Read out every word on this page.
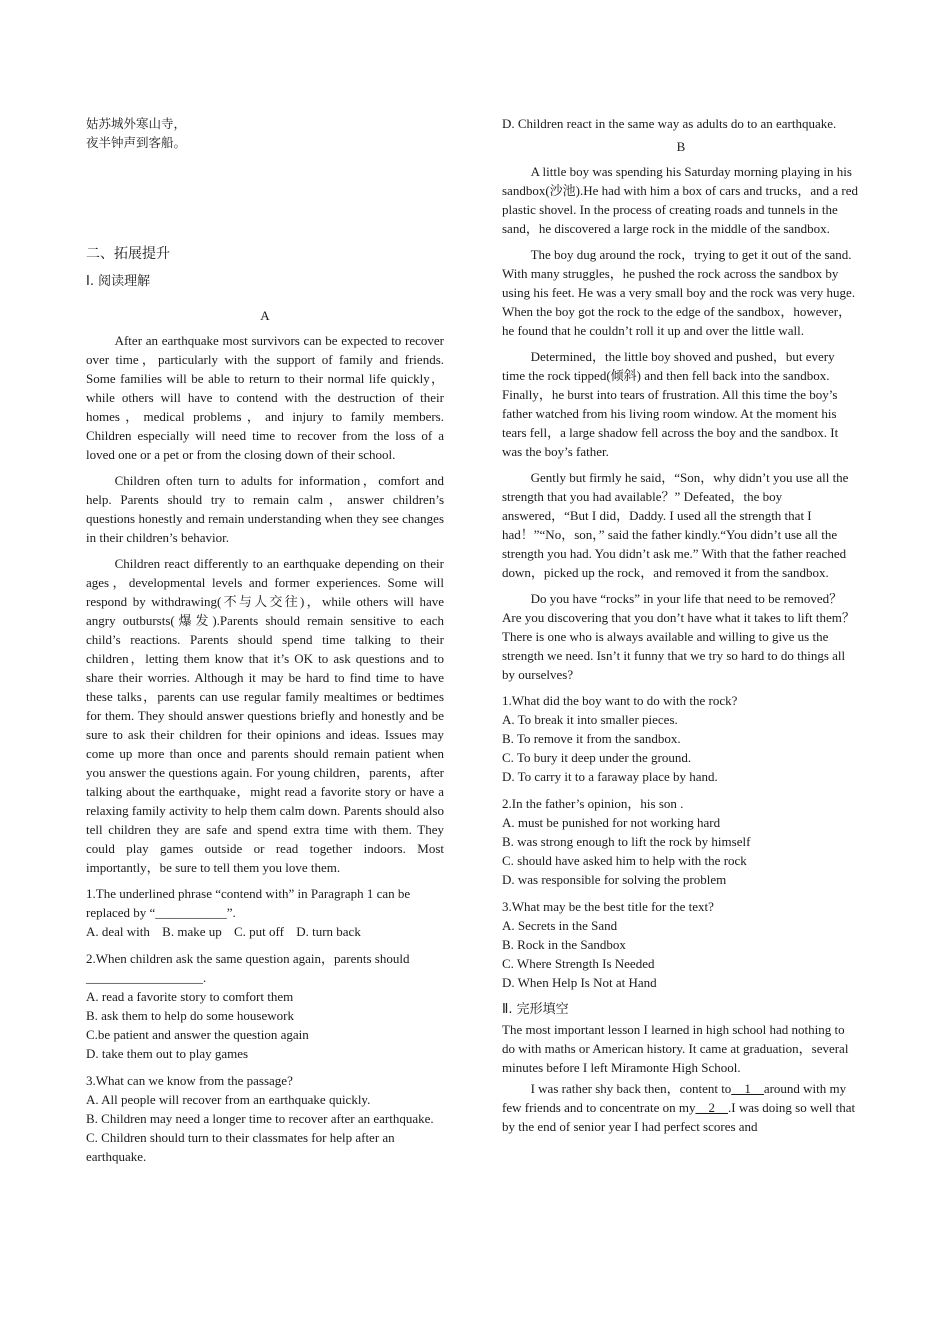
姑苏城外寒山寺，
夜半钟声到客船。
二、拓展提升
Ⅰ. 阅读理解
A

After an earthquake most survivors can be expected to recover over time，particularly with the support of family and friends. Some families will be able to return to their normal life quickly，while others will have to contend with the destruction of their homes，medical problems，and injury to family members. Children especially will need time to recover from the loss of a loved one or a pet or from the closing down of their school.

Children often turn to adults for information，comfort and help. Parents should try to remain calm，answer children’s questions honestly and remain understanding when they see changes in their children’s behavior.

Children react differently to an earthquake depending on their ages，developmental levels and former experiences. Some will respond by withdrawing(不与人交往)，while others will have angry outbursts(爆发).Parents should remain sensitive to each child’s reactions. Parents should spend time talking to their children，letting them know that it’s OK to ask questions and to share their worries. Although it may be hard to find time to have these talks，parents can use regular family mealtimes or bedtimes for them. They should answer questions briefly and honestly and be sure to ask their children for their opinions and ideas. Issues may come up more than once and parents should remain patient when you answer the questions again. For young children，parents，after talking about the earthquake，might read a favorite story or have a relaxing family activity to help them calm down. Parents should also tell children they are safe and spend extra time with them. They could play games outside or read together indoors. Most importantly，be sure to tell them you love them.

1.The underlined phrase “contend with” in Paragraph 1 can be replaced by “___________”.

A. deal with B. make up C. put off D. turn back

2.When children ask the same question again，parents should __________________.

A. read a favorite story to comfort them

B. ask them to help do some housework

C.be patient and answer the question again

D. take them out to play games

3.What can we know from the passage?

A. All people will recover from an earthquake quickly.

B. Children may need a longer time to recover after an earthquake.

C. Children should turn to their classmates for help after an earthquake.

D. Children react in the same way as adults do to an earthquake.

B

A little boy was spending his Saturday morning playing in his sandbox(沙池).He had with him a box of cars and trucks，and a red plastic shovel. In the process of creating roads and tunnels in the sand，he discovered a large rock in the middle of the sandbox.

The boy dug around the rock，trying to get it out of the sand. With many struggles，he pushed the rock across the sandbox by using his feet. He was a very small boy and the rock was very huge. When the boy got the rock to the edge of the sandbox，however，he found that he couldn’t roll it up and over the little wall.

Determined，the little boy shoved and pushed，but every time the rock tipped(倾斜) and then fell back into the sandbox. Finally，he burst into tears of frustration. All this time the boy’s father watched from his living room window. At the moment his tears fell，a large shadow fell across the boy and the sandbox. It was the boy’s father.

Gently but firmly he said，“Son，why didn’t you use all the strength that you had available？” Defeated，the boy answered，“But I did，Daddy. I used all the strength that I had！”“No，son，” said the father kindly.“You didn’t use all the strength you had. You didn’t ask me.” With that the father reached down，picked up the rock，and removed it from the sandbox.

Do you have “rocks” in your life that need to be removed？Are you discovering that you don’t have what it takes to lift them？There is one who is always available and willing to give us the strength we need. Isn’t it funny that we try so hard to do things all by ourselves?

1.What did the boy want to do with the rock?

A. To break it into smaller pieces.

B. To remove it from the sandbox.

C. To bury it deep under the ground.

D. To carry it to a faraway place by hand.

2.In the father’s opinion，his son .

A. must be punished for not working hard

B. was strong enough to lift the rock by himself

C. should have asked him to help with the rock

D. was responsible for solving the problem

3.What may be the best title for the text?

A. Secrets in the Sand

B. Rock in the Sandbox

C. Where Strength Is Needed

D. When Help Is Not at Hand

Ⅱ. 完形填空

The most important lesson I learned in high school had nothing to do with maths or American history. It came at graduation，several minutes before I left Miramonte High School.

I was rather shy back then，content to__1__around with my few friends and to concentrate on my__2__.I was doing so well that by the end of senior year I had perfect scores and
